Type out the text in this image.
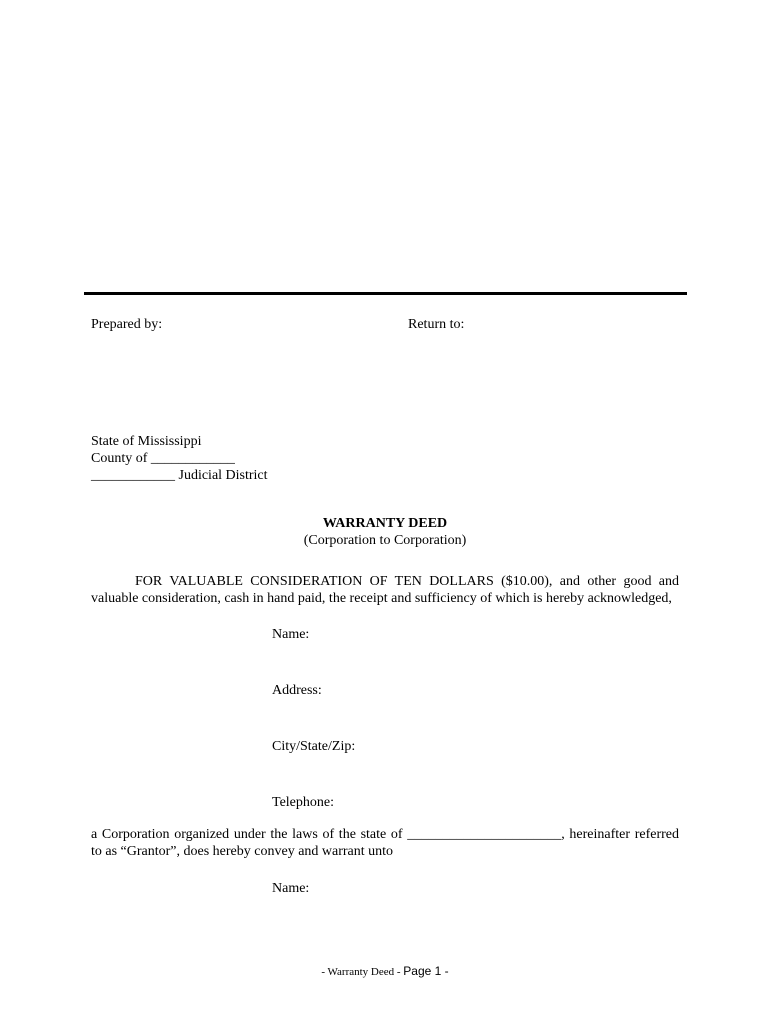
Prepared by:	Return to:
State of Mississippi
County of ____________
____________ Judicial District
WARRANTY DEED
(Corporation to Corporation)
FOR VALUABLE CONSIDERATION OF TEN DOLLARS ($10.00), and other good and valuable consideration, cash in hand paid, the receipt and sufficiency of which is hereby acknowledged,
Name:
Address:
City/State/Zip:
Telephone:
a Corporation organized under the laws of the state of ______________________, hereinafter referred to as “Grantor”, does hereby convey and warrant unto
Name:
- Warranty Deed - Page 1 -
